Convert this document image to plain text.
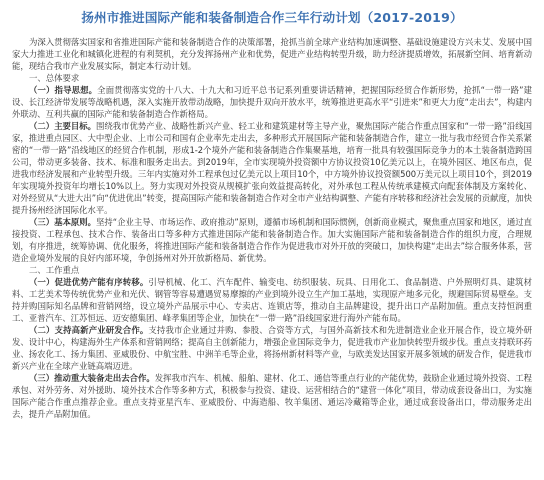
扬州市推进国际产能和装备制造合作三年行动计划（2017-2019）

为深入贯彻落实国家和省推进国际产能和装备制造合作的决策部署，抢抓当前全球产业结构加速调整、基础设施建设方兴未艾、发展中国家大力推进工业化和城镇化进程的有利契机，充分发挥扬州产业和优势，促进产业结构转型升级，助力经济提质增效，拓展新空间、培育新动能，现结合我市产业发展实际，制定本行动计划。

一、总体要求

（一）指导思想。全面贯彻落实党的十八大、十九大和习近平总书记系列重要讲话精神，把握国际经贸合作新形势，抢抓“一带一路”建设、长江经济带发展等战略机遇，深入实施开放带动战略，加快提升双向开放水平，统筹推进更高水平“引进来”和更大力度“走出去”，构建内外联动、互利共赢的国际产能和装备制造合作新格局。

（二）主要目标。围绕我市优势产业、战略性新兴产业、轻工业和建筑建材等主导产业，聚焦国际产能合作重点国家和“一带一路”沿线国家，推进重点园区、大中型企业、上市公司和国有企业率先走出去，多种形式开展国际产能和装备制造合作，建立一批与我市经贸合作关系紧密的“一带一路”沿线地区的经贸合作机制，形成1-2个境外产能和装备制造合作集聚基地，培育一批具有较强国际竞争力的本土装备制造跨国公司，带动更多装备、技术、标准和服务走出去。到2019年，全市实现境外投资额中方协议投资10亿美元以上，在境外园区、地区布点，促进我市经济发展和产业转型升级。三年内实施对外工程承包过亿美元以上项目10个，中方境外协议投资额500万美元以上项目10个，到2019年实现境外投资年均增长10%以上。努力实现对外投资从规模扩张向效益提高转化，对外承包工程从传统承建模式向配套体制及方案转化、对外经贸从“大进大出”向“优进优出”转变，提高国际产能和装备制造合作对全市产业结构调整、产能有序转移和经济社会发展的贡献度，加快提升扬州经济国际化水平。

（三）基本原则。坚持“企业主导、市场运作、政府推动”原则，遵循市场机制和国际惯例，创新商业模式，聚焦重点国家和地区，通过直接投资、工程承包、技术合作、装备出口等多种方式推进国际产能和装备制造合作。加大实施国际产能和装备制造合作的组织力度，合理规划，有序推进，统筹协调、优化服务，将推进国际产能和装备制造合作作为促进我市对外开放的突破口，加快构建“走出去”综合服务体系，营造企业境外发展的良好内部环境，争创扬州对外开放新格局、新优势。

二、工作重点

（一）促进优势产能有序转移。引导机械、化工、汽车配件、输变电、纺织服装、玩具、日用化工、食品制造、户外照明灯具、建筑材料、工艺美术等传统优势产业和光伏、钢管等容易遭遇贸易摩擦的产业到境外设立生产加工基地，实现原产地多元化，规避国际贸易壁垒。支持并购国际知名品牌和营销网络，设立境外产品展示中心、专卖店、连锁店等，推动自主品牌建设，提升出口产品附加值。重点支持恒润重工、亚普汽车、江苏恒远、迈安德集团、峰孝集团等企业，加快在“一带一路”沿线国家进行海外产能布局。

（二）支持高新产业研发合作。支持我市企业通过并购、参股、合资等方式，与国外高新技术和先进制造业企业开展合作，设立境外研发、设计中心，构建海外生产体系和营销网络；提高自主创新能力，增强企业国际竞争力，促进我市产业加快转型升级步伐。重点支持联环药业、扬农化工、扬力集团、亚威股份、中航宝胜、中洲羊毛等企业，将扬州新材料等产业，与欧美发达国家开展多领域的研发合作，促进我市新兴产业在全球产业链高端迈进。

（三）推动重大装备走出去合作。发挥我市汽车、机械、船舶、建材、化工、通信等重点行业的产能优势，鼓励企业通过境外投资、工程承包、对外劳务、对外援助、境外技术合作等多种方式，积极参与投资、建设、运营相结合的“建营一体化”项目，带动成套设备出口，为实施国际产能合作重点推荐企业。重点支持亚星汽车、亚威股份、中海造船、牧羊集团、通运冷藏箱等企业，通过成套设备出口，带动服务走出去，提升产品附加值。
